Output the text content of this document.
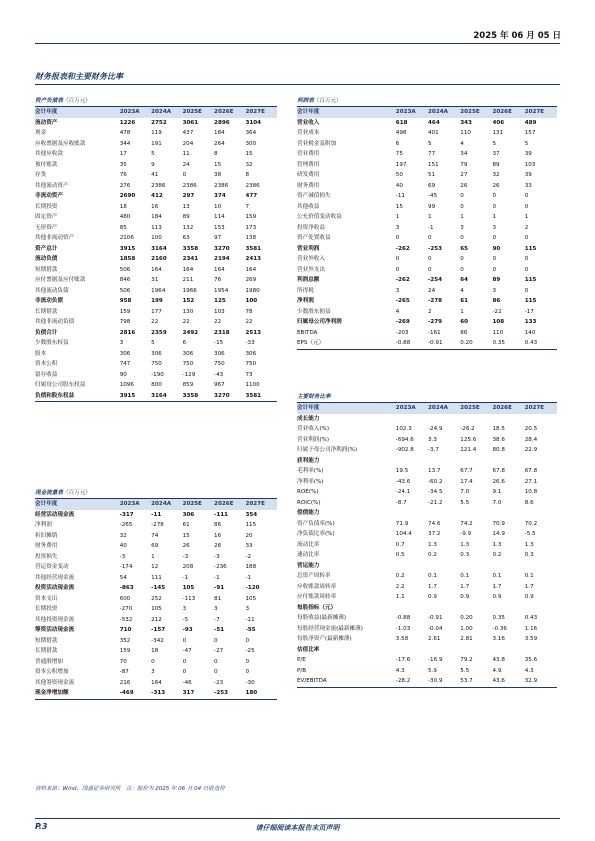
2025 年 06 月 05 日
财务报表和主要财务比率
资产负债表（百万元）					
会计年度	2023A	2024A	2025E	2026E	2027E
流动资产	1226	2752	3061	2896	3104
现金	478	119	437	184	364
应收票据及应收账款	344	191	204	264	300
其他应收款	17	5	11	8	15
预付账款	35	9	24	15	32
存货	76	41	0	38	8
其他流动资产	276	2386	2386	2386	2386
非流动资产	2690	412	297	374	477
长期投资	18	16	13	10	7
固定资产	480	184	89	114	159
无形资产	85	113	132	153	173
其他非流动资产	2106	100	63	97	138
资产总计	3915	3164	3358	3270	3581
流动负债	1858	2160	2341	2194	2413
短期借款	506	164	164	164	164
应付票据及应付账款	846	31	211	76	269
其他流动负债	506	1964	1966	1954	1980
非流动负债	958	199	152	125	100
长期借款	159	177	130	103	78
其他非流动负债	798	22	22	22	22
负债合计	2816	2359	2492	2318	2513
少数股东权益	3	5	6	-15	-33
股本	306	306	306	306	306
资本公积	747	750	750	750	750
留存收益	90	-190	-129	-43	73
归属母公司股东权益	1096	800	859	967	1100
负债和股东权益	3915	3164	3358	3270	3581
利润表（百万元）					
会计年度	2023A	2024A	2025E	2026E	2027E
营业收入	618	464	343	406	489
营业成本	498	401	110	131	157
营业税金及附加	6	5	4	5	5
营业费用	75	77	34	37	39
管理费用	197	151	79	89	103
研发费用	50	51	27	32	39
财务费用	40	69	26	26	33
资产减值损失	-11	-45	0	0	0
其他收益	15	99	0	0	0
公允价值变动收益	1	1	1	1	1
投资净收益	3	-1	3	3	2
资产处置收益	0	0	0	0	0
营业利润	-262	-253	65	90	115
营业外收入	0	0	0	0	0
营业外支出	0	0	0	0	0
利润总额	-262	-254	64	89	115
所得税	3	24	4	3	0
净利润	-265	-278	61	86	115
少数股东损益	4	2	1	-22	-17
归属母公司净利润	-269	-279	60	108	133
EBITDA	-203	-161	86	110	140
EPS（元）	-0.88	-0.91	0.20	0.35	0.43
主要财务比率					
会计年度	2023A	2024A	2025E	2026E	2027E
成长能力					
营业收入(%)	102.3	-24.9	-26.2	18.5	20.5
营业利润(%)	-694.6	3.3	125.6	38.6	28.4
归属于母公司净利润(%)	-902.8	-3.7	121.4	80.8	22.9
获利能力					
毛利率(%)	19.5	13.7	67.7	67.8	67.8
净利率(%)	-43.6	-60.2	17.4	26.6	27.1
ROE(%)	-24.1	-34.5	7.0	9.1	10.8
ROIC(%)	-8.7	-21.2	5.5	7.0	8.6
偿债能力					
资产负债率(%)	71.9	74.6	74.2	70.9	70.2
净负债比率(%)	104.4	37.2	-9.9	14.9	-5.5
流动比率	0.7	1.3	1.3	1.3	1.3
速动比率	0.5	0.2	0.3	0.2	0.3
营运能力					
总资产周转率	0.2	0.1	0.1	0.1	0.1
应收账款周转率	2.2	1.7	1.7	1.7	1.7
应付账款周转率	1.1	0.9	0.9	0.9	0.9
每股指标（元）					
每股收益(最新摊薄)	-0.88	-0.91	0.20	0.35	0.43
每股经营现金流(最新摊薄)	-1.03	-0.04	1.00	-0.36	1.16
每股净资产(最新摊薄)	3.58	2.61	2.81	3.16	3.59
估值比率					
P/E	-17.6	-16.9	79.2	43.8	35.6
P/B	4.3	5.9	5.5	4.9	4.3
EV/EBITDA	-28.2	-30.9	53.7	43.6	32.9
现金流量表（百万元）					
会计年度	2023A	2024A	2025E	2026E	2027E
经营活动现金流	-317	-11	306	-111	354
净利润	-265	-278	61	86	115
折旧摊销	32	74	15	16	20
财务费用	40	69	26	26	33
投资损失	-3	1	-3	-3	-2
营运资金变动	-174	12	208	-236	188
其他经营现金流	54	111	-1	-1	-1
投资活动现金流	-863	-145	105	-91	-120
资本支出	600	252	-113	81	105
长期投资	-270	105	3	3	3
其他投资现金流	-532	212	-5	-7	-11
筹资活动现金流	710	-157	-93	-51	-55
短期借款	352	-342	0	0	0
长期借款	159	18	-47	-27	-25
普通股增加	70	0	0	0	0
资本公积增加	-87	3	0	0	0
其他筹资现金流	216	164	-46	-23	-30
现金净增加额	-469	-313	317	-253	180
资料来源：Wind，国盛证券研究所　注：股价为 2025 年 06 月 04 日收盘价
P.3	请仔细阅读本报告末页声明
